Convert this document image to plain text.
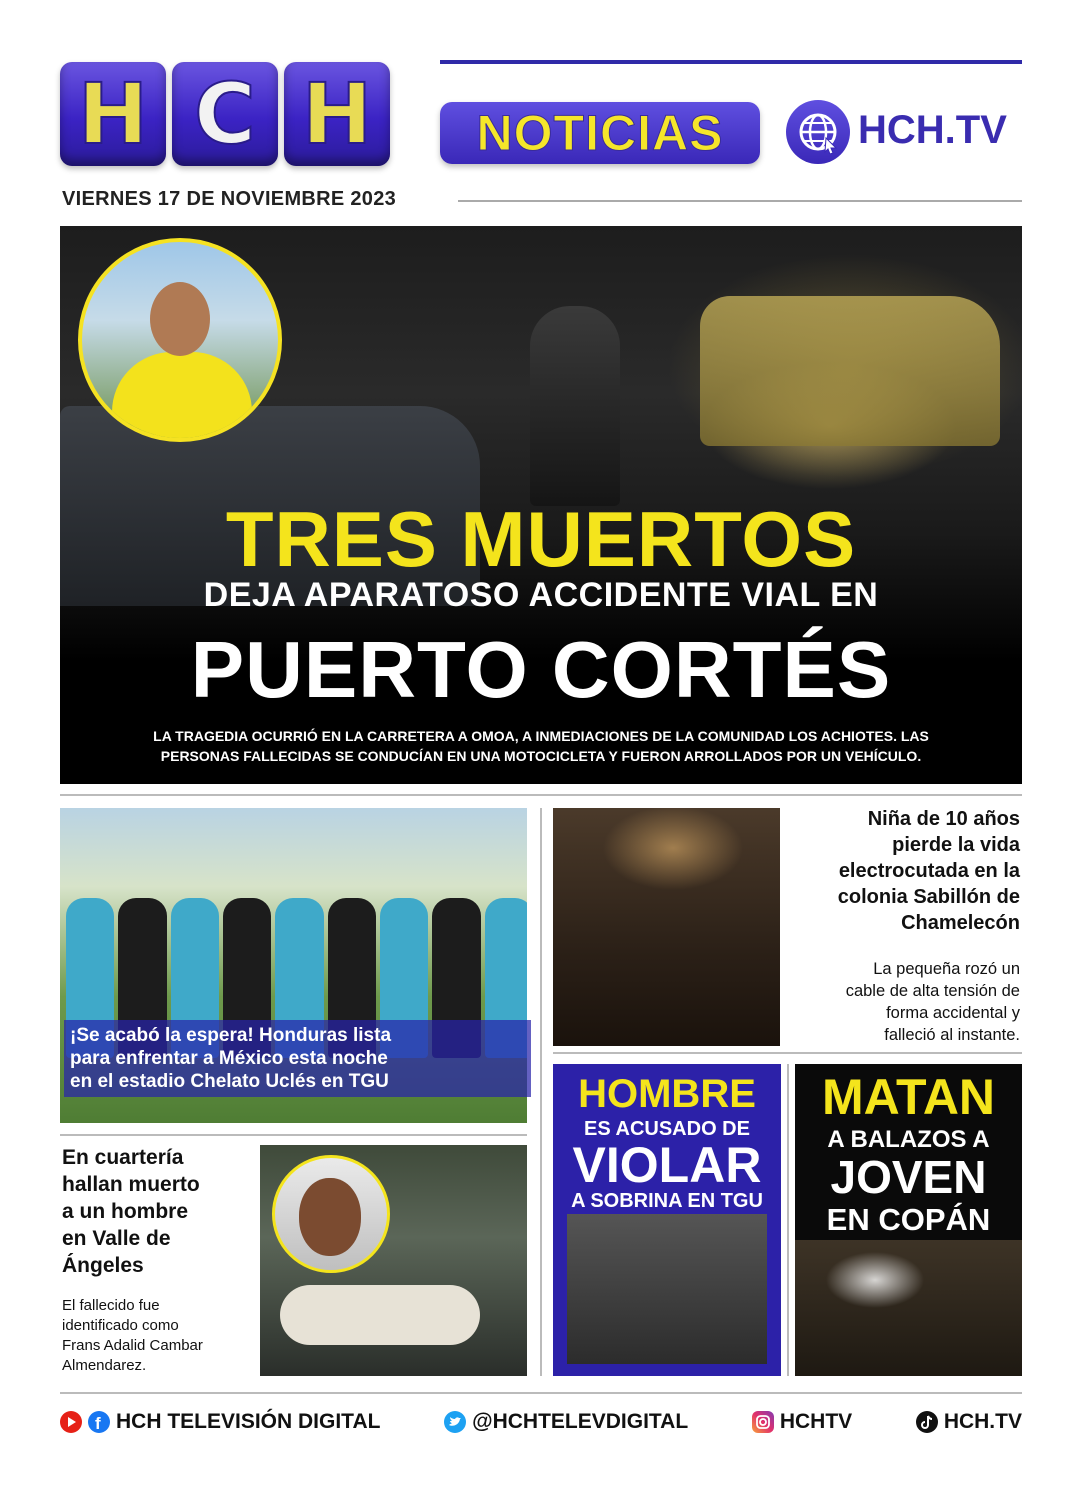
H C H NOTICIAS	HCH.TV
VIERNES 17 DE NOVIEMBRE 2023
TRES MUERTOS
DEJA APARATOSO ACCIDENTE VIAL EN
PUERTO CORTÉS
LA TRAGEDIA OCURRIÓ EN LA CARRETERA A OMOA, A INMEDIACIONES DE LA COMUNIDAD LOS ACHIOTES. LAS
PERSONAS FALLECIDAS SE CONDUCÍAN EN UNA MOTOCICLETA Y FUERON ARROLLADOS POR UN VEHÍCULO.
¡Se acabó la espera! Honduras lista
para enfrentar a México esta noche
en el estadio Chelato Uclés en TGU
Niña de 10 años
pierde la vida
electrocutada en la
colonia Sabillón de
Chamelecón
La pequeña rozó un
cable de alta tensión de
forma accidental y
falleció al instante.
En cuartería
hallan muerto
a un hombre
en Valle de
Ángeles
El fallecido fue
identificado como
Frans Adalid Cambar
Almendarez.
HOMBRE
ES ACUSADO DE
VIOLAR
A SOBRINA EN TGU
MATAN
A BALAZOS A
JOVEN
EN COPÁN
f HCH TELEVISIÓN DIGITAL	@HCHTELEVDIGITAL	HCHTV	HCH.TV
